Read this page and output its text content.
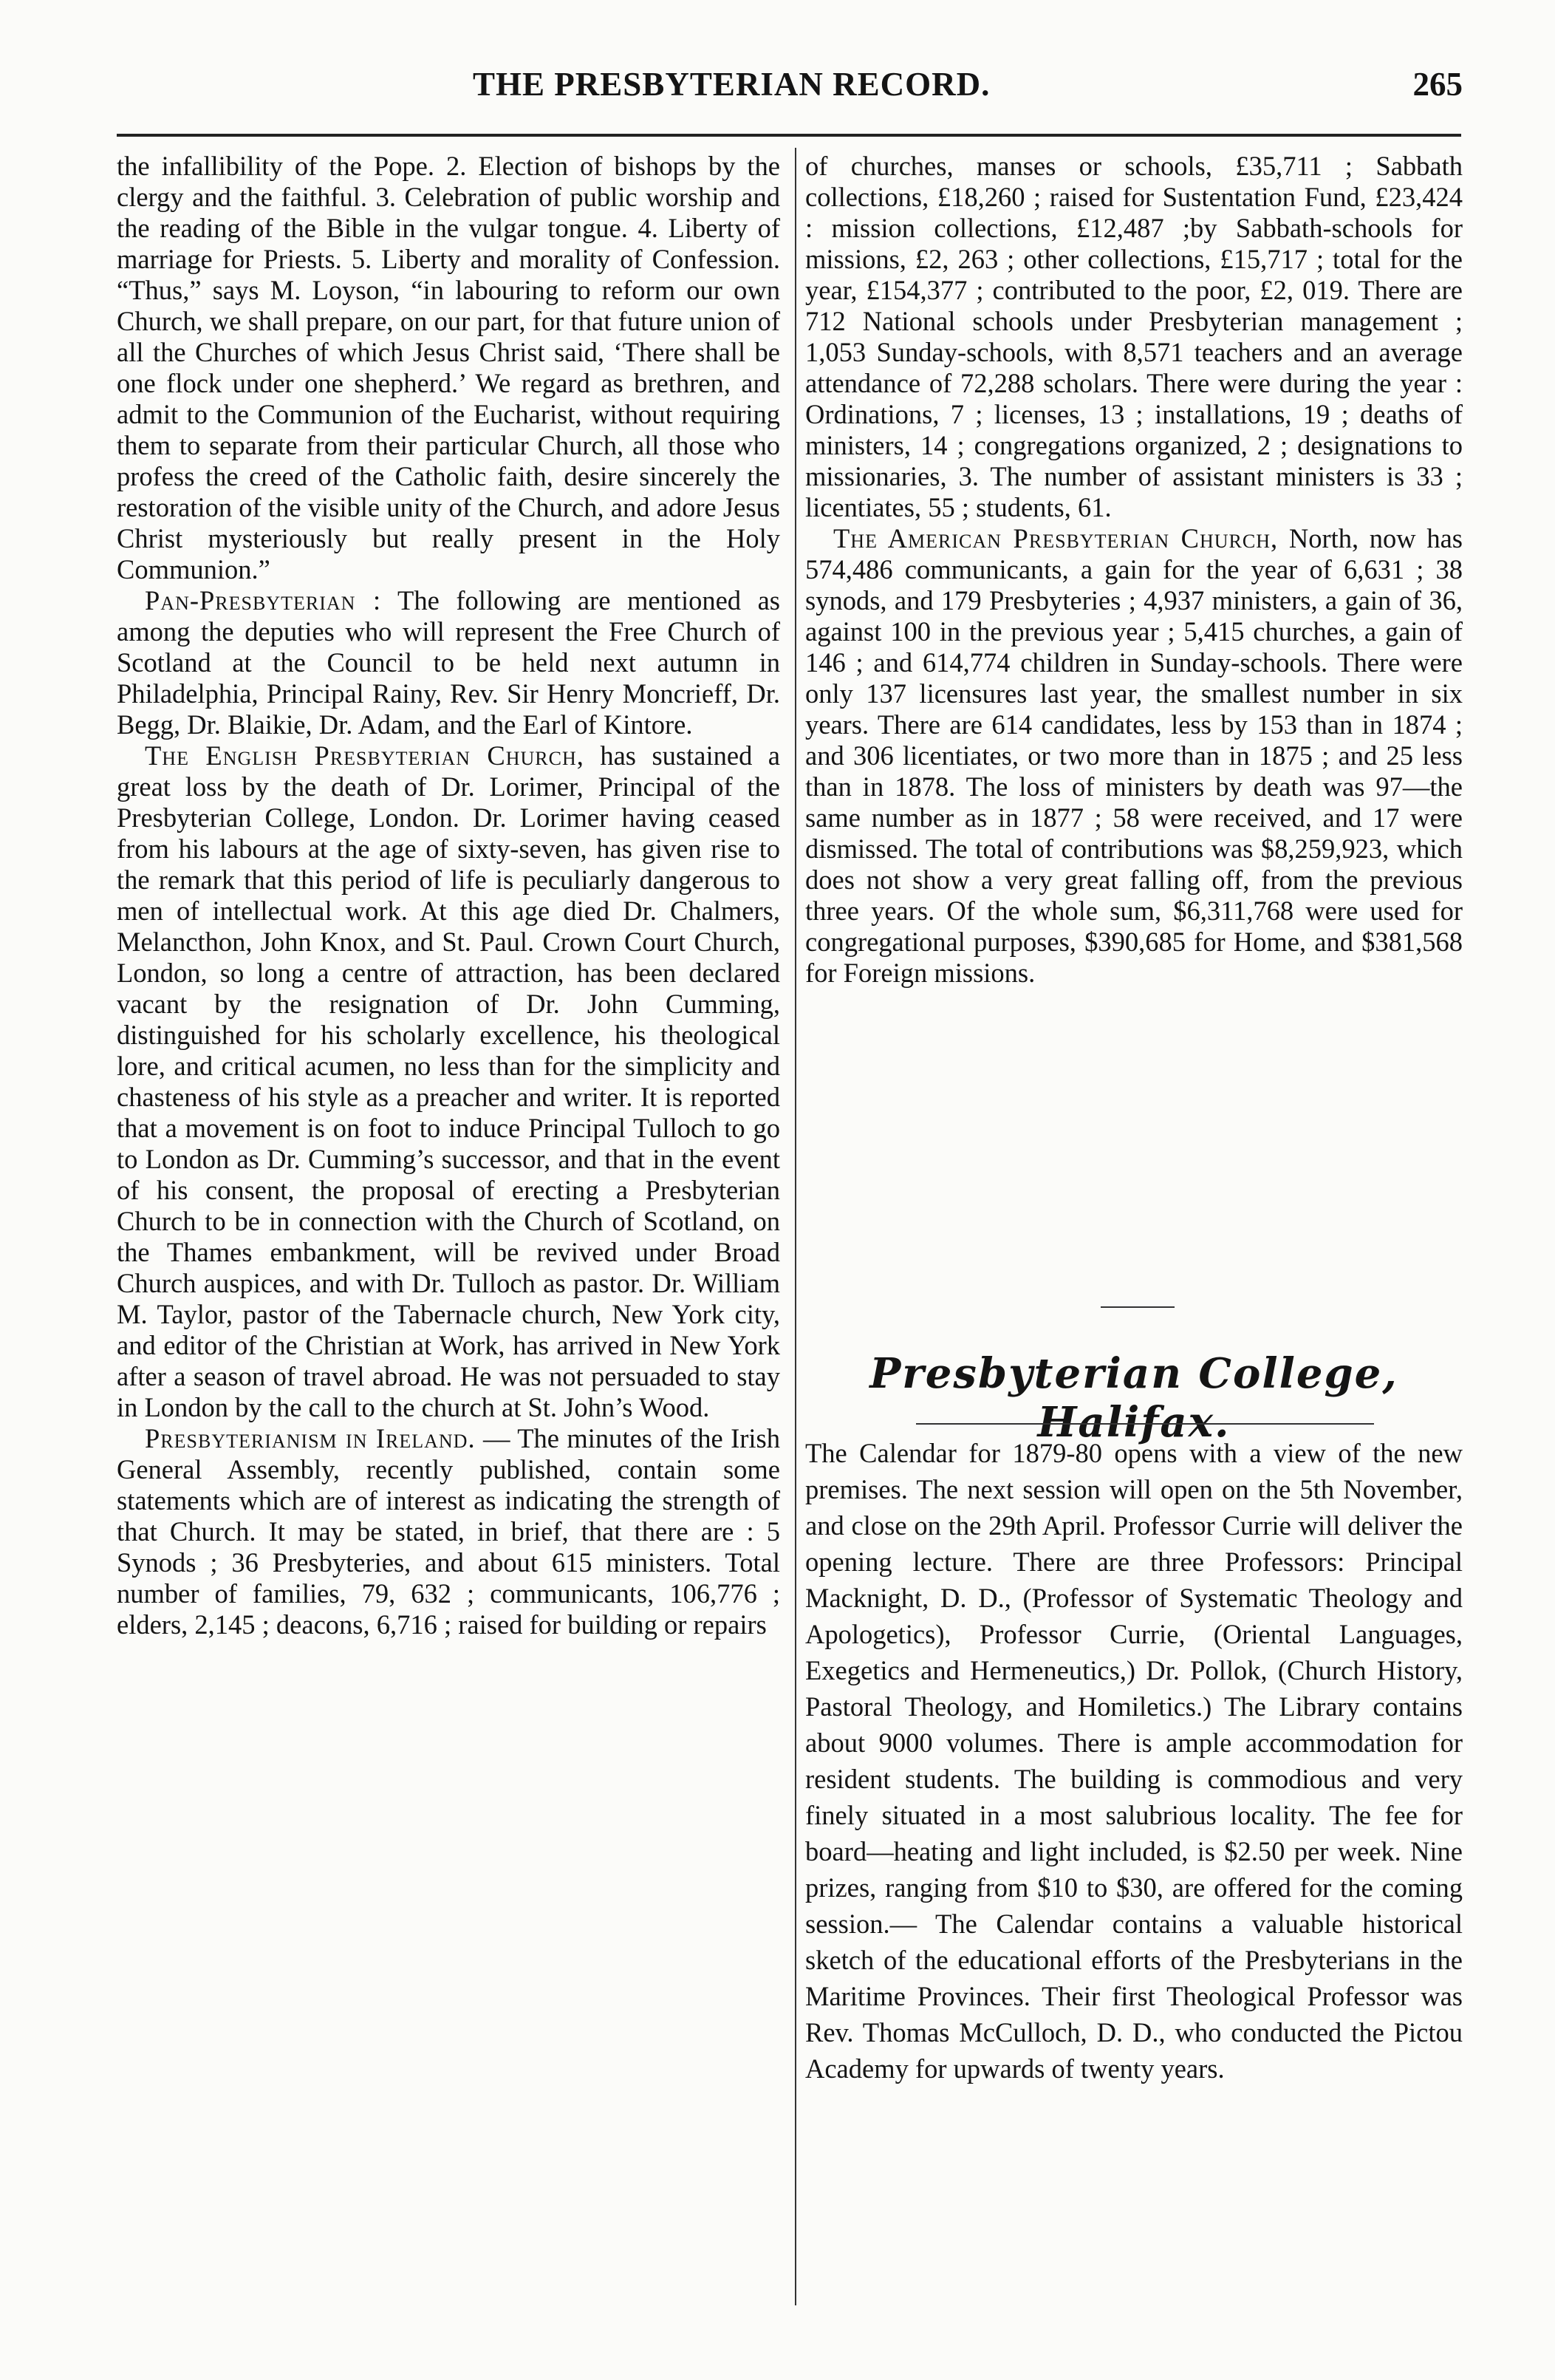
THE PRESBYTERIAN RECORD.	265

the infallibility of the Pope. 2. Election of bishops by the clergy and the faithful. 3. Celebration of public worship and the reading of the Bible in the vulgar tongue. 4. Liberty of marriage for Priests. 5. Liberty and morality of Confession. “Thus,” says M. Loyson, “in labouring to reform our own Church, we shall prepare, on our part, for that future union of all the Churches of which Jesus Christ said, ‘There shall be one flock under one shepherd.’ We regard as brethren, and admit to the Communion of the Eucharist, without requiring them to separate from their particular Church, all those who profess the creed of the Catholic faith, desire sincerely the restoration of the visible unity of the Church, and adore Jesus Christ mysteriously but really present in the Holy Communion.”

Pan-Presbyterian : The following are mentioned as among the deputies who will represent the Free Church of Scotland at the Council to be held next autumn in Philadelphia, Principal Rainy, Rev. Sir Henry Moncrieff, Dr. Begg, Dr. Blaikie, Dr. Adam, and the Earl of Kintore.

The English Presbyterian Church, has sustained a great loss by the death of Dr. Lorimer, Principal of the Presbyterian College, London. Dr. Lorimer having ceased from his labours at the age of sixty-seven, has given rise to the remark that this period of life is peculiarly dangerous to men of intellectual work. At this age died Dr. Chalmers, Melancthon, John Knox, and St. Paul. Crown Court Church, London, so long a centre of attraction, has been declared vacant by the resignation of Dr. John Cumming, distinguished for his scholarly excellence, his theological lore, and critical acumen, no less than for the simplicity and chasteness of his style as a preacher and writer. It is reported that a movement is on foot to induce Principal Tulloch to go to London as Dr. Cumming’s successor, and that in the event of his consent, the proposal of erecting a Presbyterian Church to be in connection with the Church of Scotland, on the Thames embankment, will be revived under Broad Church auspices, and with Dr. Tulloch as pastor. Dr. William M. Taylor, pastor of the Tabernacle church, New York city, and editor of the Christian at Work, has arrived in New York after a season of travel abroad. He was not persuaded to stay in London by the call to the church at St. John’s Wood.

Presbyterianism in Ireland. — The minutes of the Irish General Assembly, recently published, contain some statements which are of interest as indicating the strength of that Church. It may be stated, in brief, that there are : 5 Synods ; 36 Presbyteries, and about 615 ministers. Total number of families, 79, 632 ; communicants, 106,776 ; elders, 2,145 ; deacons, 6,716 ; raised for building or repairs

of churches, manses or schools, £35,711 ; Sabbath collections, £18,260 ; raised for Sustentation Fund, £23,424 : mission collections, £12,487 ;by Sabbath-schools for missions, £2, 263 ; other collections, £15,717 ; total for the year, £154,377 ; contributed to the poor, £2, 019. There are 712 National schools under Presbyterian management ; 1,053 Sunday-schools, with 8,571 teachers and an average attendance of 72,288 scholars. There were during the year : Ordinations, 7 ; licenses, 13 ; installations, 19 ; deaths of ministers, 14 ; congregations organized, 2 ; designations to missionaries, 3. The number of assistant ministers is 33 ; licentiates, 55 ; students, 61.

The American Presbyterian Church, North, now has 574,486 communicants, a gain for the year of 6,631 ; 38 synods, and 179 Presbyteries ; 4,937 ministers, a gain of 36, against 100 in the previous year ; 5,415 churches, a gain of 146 ; and 614,774 children in Sunday-schools. There were only 137 licensures last year, the smallest number in six years. There are 614 candidates, less by 153 than in 1874 ; and 306 licentiates, or two more than in 1875 ; and 25 less than in 1878. The loss of ministers by death was 97—the same number as in 1877 ; 58 were received, and 17 were dismissed. The total of contributions was $8,259,923, which does not show a very great falling off, from the previous three years. Of the whole sum, $6,311,768 were used for congregational purposes, $390,685 for Home, and $381,568 for Foreign missions.

Presbyterian College, Halifax.

The Calendar for 1879-80 opens with a view of the new premises. The next session will open on the 5th November, and close on the 29th April. Professor Currie will deliver the opening lecture. There are three Professors: Principal Macknight, D. D., (Professor of Systematic Theology and Apologetics), Professor Currie, (Oriental Languages, Exegetics and Hermeneutics,) Dr. Pollok, (Church History, Pastoral Theology, and Homiletics.) The Library contains about 9000 volumes. There is ample accommodation for resident students. The building is commodious and very finely situated in a most salubrious locality. The fee for board—heating and light included, is $2.50 per week. Nine prizes, ranging from $10 to $30, are offered for the coming session.— The Calendar contains a valuable historical sketch of the educational efforts of the Presbyterians in the Maritime Provinces. Their first Theological Professor was Rev. Thomas McCulloch, D. D., who conducted the Pictou Academy for upwards of twenty years.
